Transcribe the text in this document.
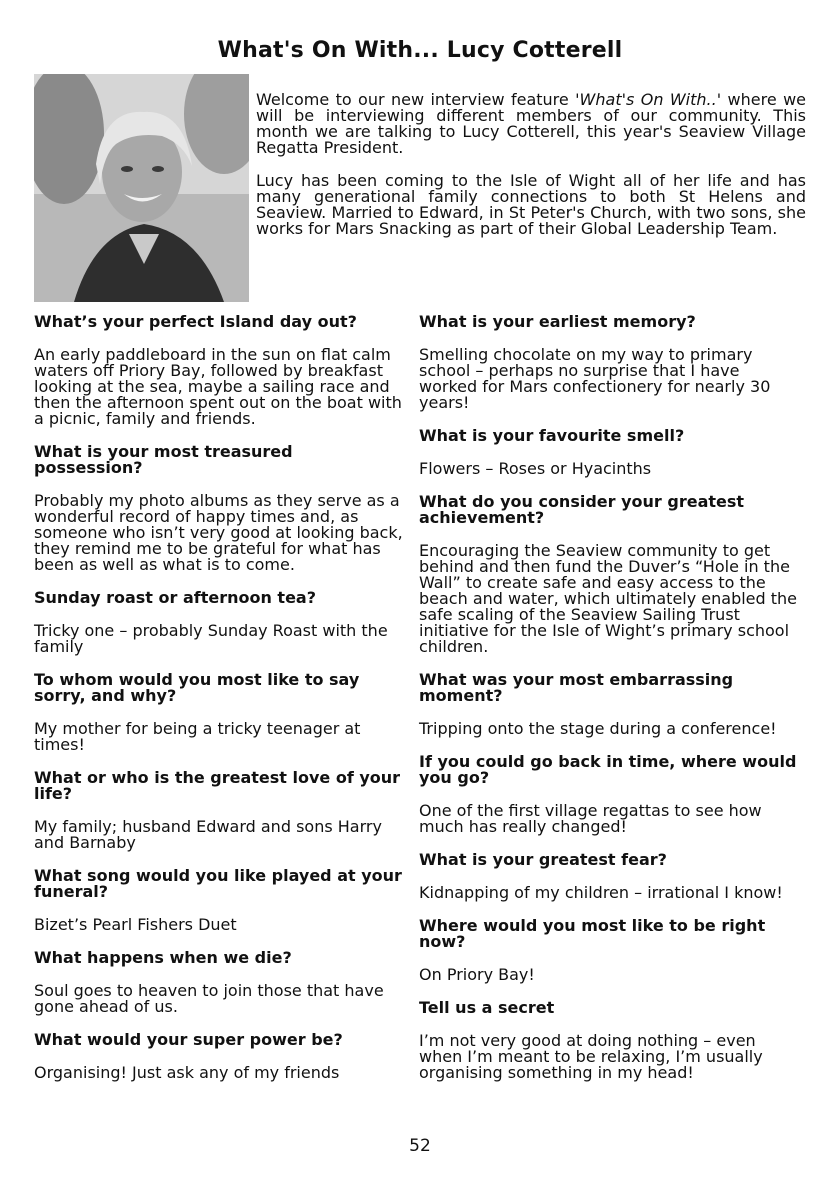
What's On With... Lucy Cotterell

Welcome to our new interview feature 'What's On With..' where we will be interviewing different members of our community. This month we are talking to Lucy Cotterell, this year's Seaview Village Regatta President.

Lucy has been coming to the Isle of Wight all of her life and has many generational family connections to both St Helens and Seaview. Married to Edward, in St Peter's Church, with two sons, she works for Mars Snacking as part of their Global Leadership Team.

What’s your perfect Island day out?
An early paddleboard in the sun on flat calm waters off Priory Bay, followed by breakfast looking at the sea, maybe a sailing race and then the afternoon spent out on the boat with a picnic, family and friends.
What is your most treasured possession?
Probably my photo albums as they serve as a wonderful record of happy times and, as someone who isn’t very good at looking back, they remind me to be grateful for what has been as well as what is to come.
Sunday roast or afternoon tea?
Tricky one – probably Sunday Roast with the family
To whom would you most like to say sorry, and why?
My mother for being a tricky teenager at times!
What or who is the greatest love of your life?
My family; husband Edward and sons Harry and Barnaby
What song would you like played at your funeral?
Bizet’s Pearl Fishers Duet
What happens when we die?
Soul goes to heaven to join those that have gone ahead of us.
What would your super power be?
Organising! Just ask any of my friends
What is your earliest memory?
Smelling chocolate on my way to primary school – perhaps no surprise that I have worked for Mars confectionery for nearly 30 years!
What is your favourite smell?
Flowers – Roses or Hyacinths
What do you consider your greatest achievement?
Encouraging the Seaview community to get behind and then fund the Duver’s “Hole in the Wall” to create safe and easy access to the beach and water, which ultimately enabled the safe scaling of the Seaview Sailing Trust initiative for the Isle of Wight’s primary school children.
What was your most embarrassing moment?
Tripping onto the stage during a conference!
If you could go back in time, where would you go?
One of the first village regattas to see how much has really changed!
What is your greatest fear?
Kidnapping of my children – irrational I know!
Where would you most like to be right now?
On Priory Bay!
Tell us a secret
I’m not very good at doing nothing – even when I’m meant to be relaxing, I’m usually organising something in my head!
52
